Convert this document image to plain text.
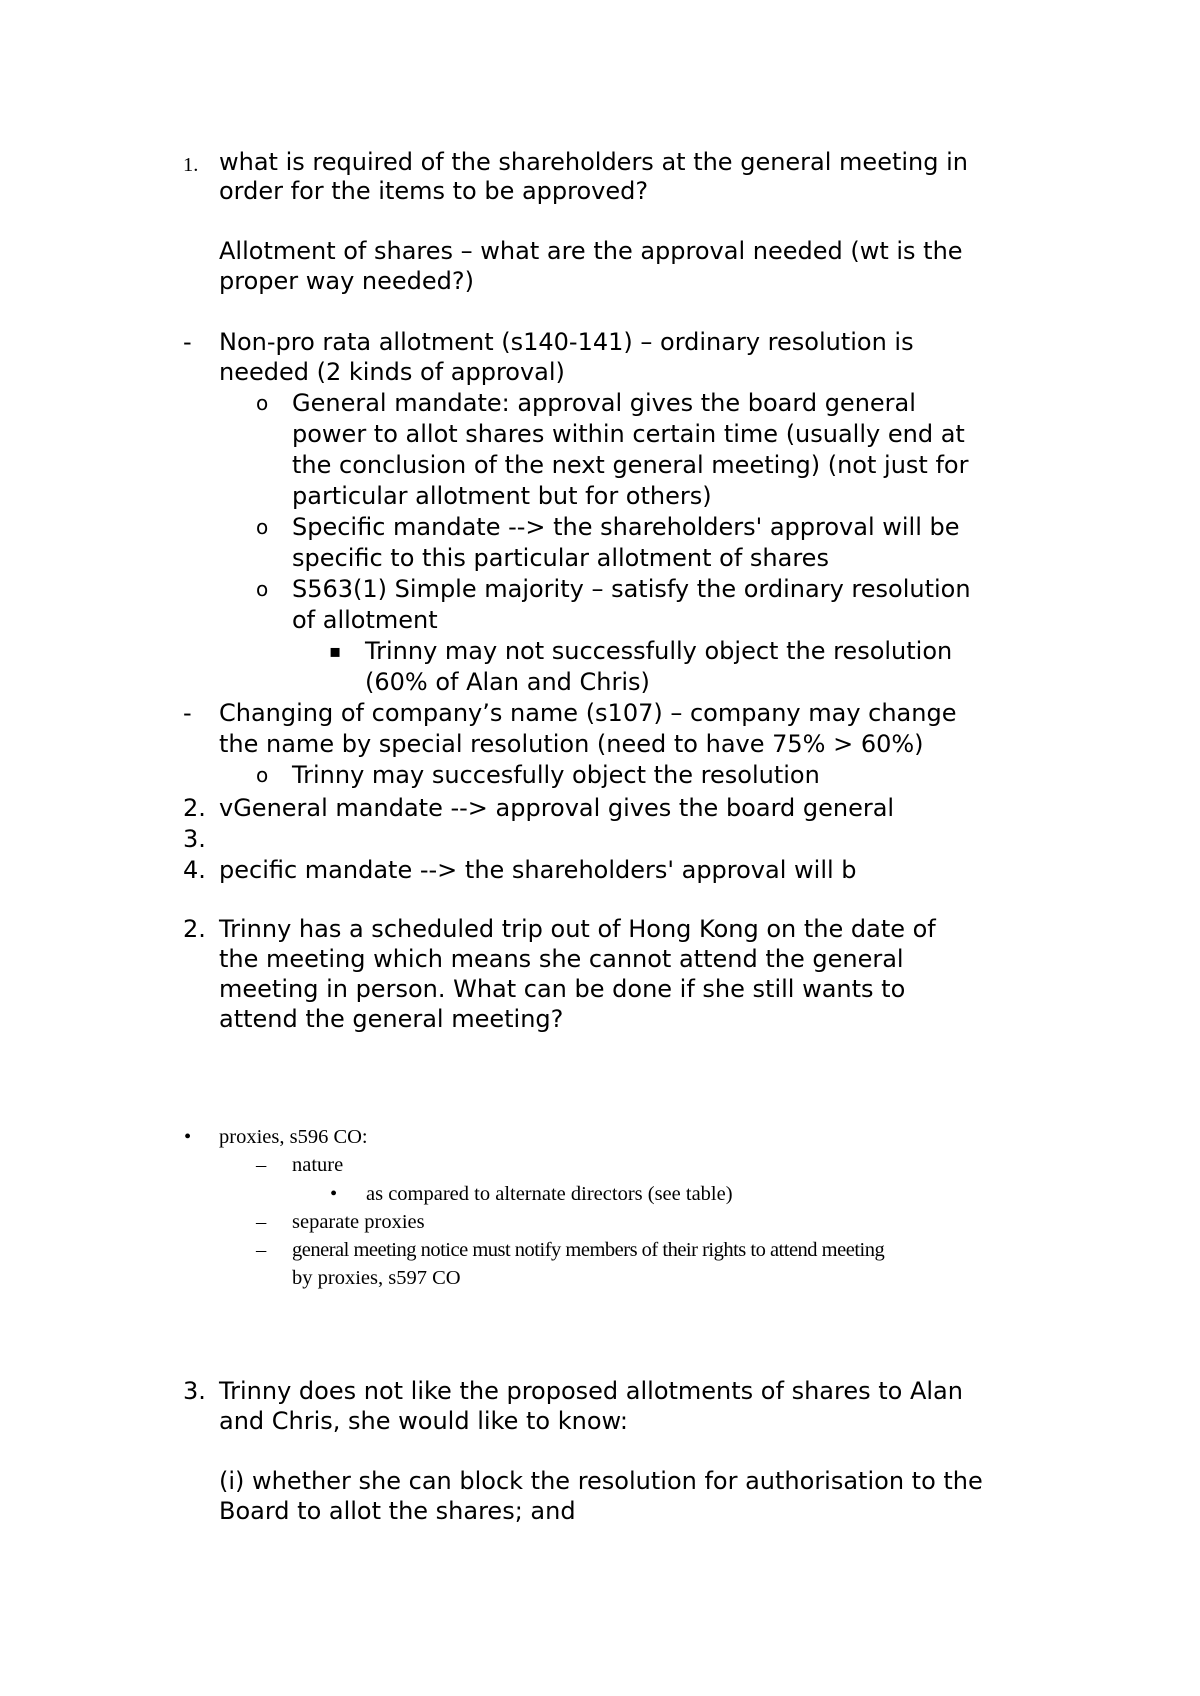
1. what is required of the shareholders at the general meeting in
order for the items to be approved?
Allotment of shares – what are the approval needed (wt is the
proper way needed?)
- Non-pro rata allotment (s140-141) – ordinary resolution is
needed (2 kinds of approval)
o General mandate: approval gives the board general
power to allot shares within certain time (usually end at
the conclusion of the next general meeting) (not just for
particular allotment but for others)
o Specific mandate --> the shareholders' approval will be
specific to this particular allotment of shares
o S563(1) Simple majority – satisfy the ordinary resolution
of allotment
▪ Trinny may not successfully object the resolution
(60% of Alan and Chris)
- Changing of company’s name (s107) – company may change
the name by special resolution (need to have 75% > 60%)
o Trinny may succesfully object the resolution
2. vGeneral mandate --> approval gives the board general
3.
4. pecific mandate --> the shareholders' approval will b
2. Trinny has a scheduled trip out of Hong Kong on the date of
the meeting which means she cannot attend the general
meeting in person. What can be done if she still wants to
attend the general meeting?
• proxies, s596 CO:
– nature
• as compared to alternate directors (see table)
– separate proxies
– general meeting notice must notify members of their rights to attend meeting
by proxies, s597 CO
3. Trinny does not like the proposed allotments of shares to Alan
and Chris, she would like to know:
(i) whether she can block the resolution for authorisation to the
Board to allot the shares; and
